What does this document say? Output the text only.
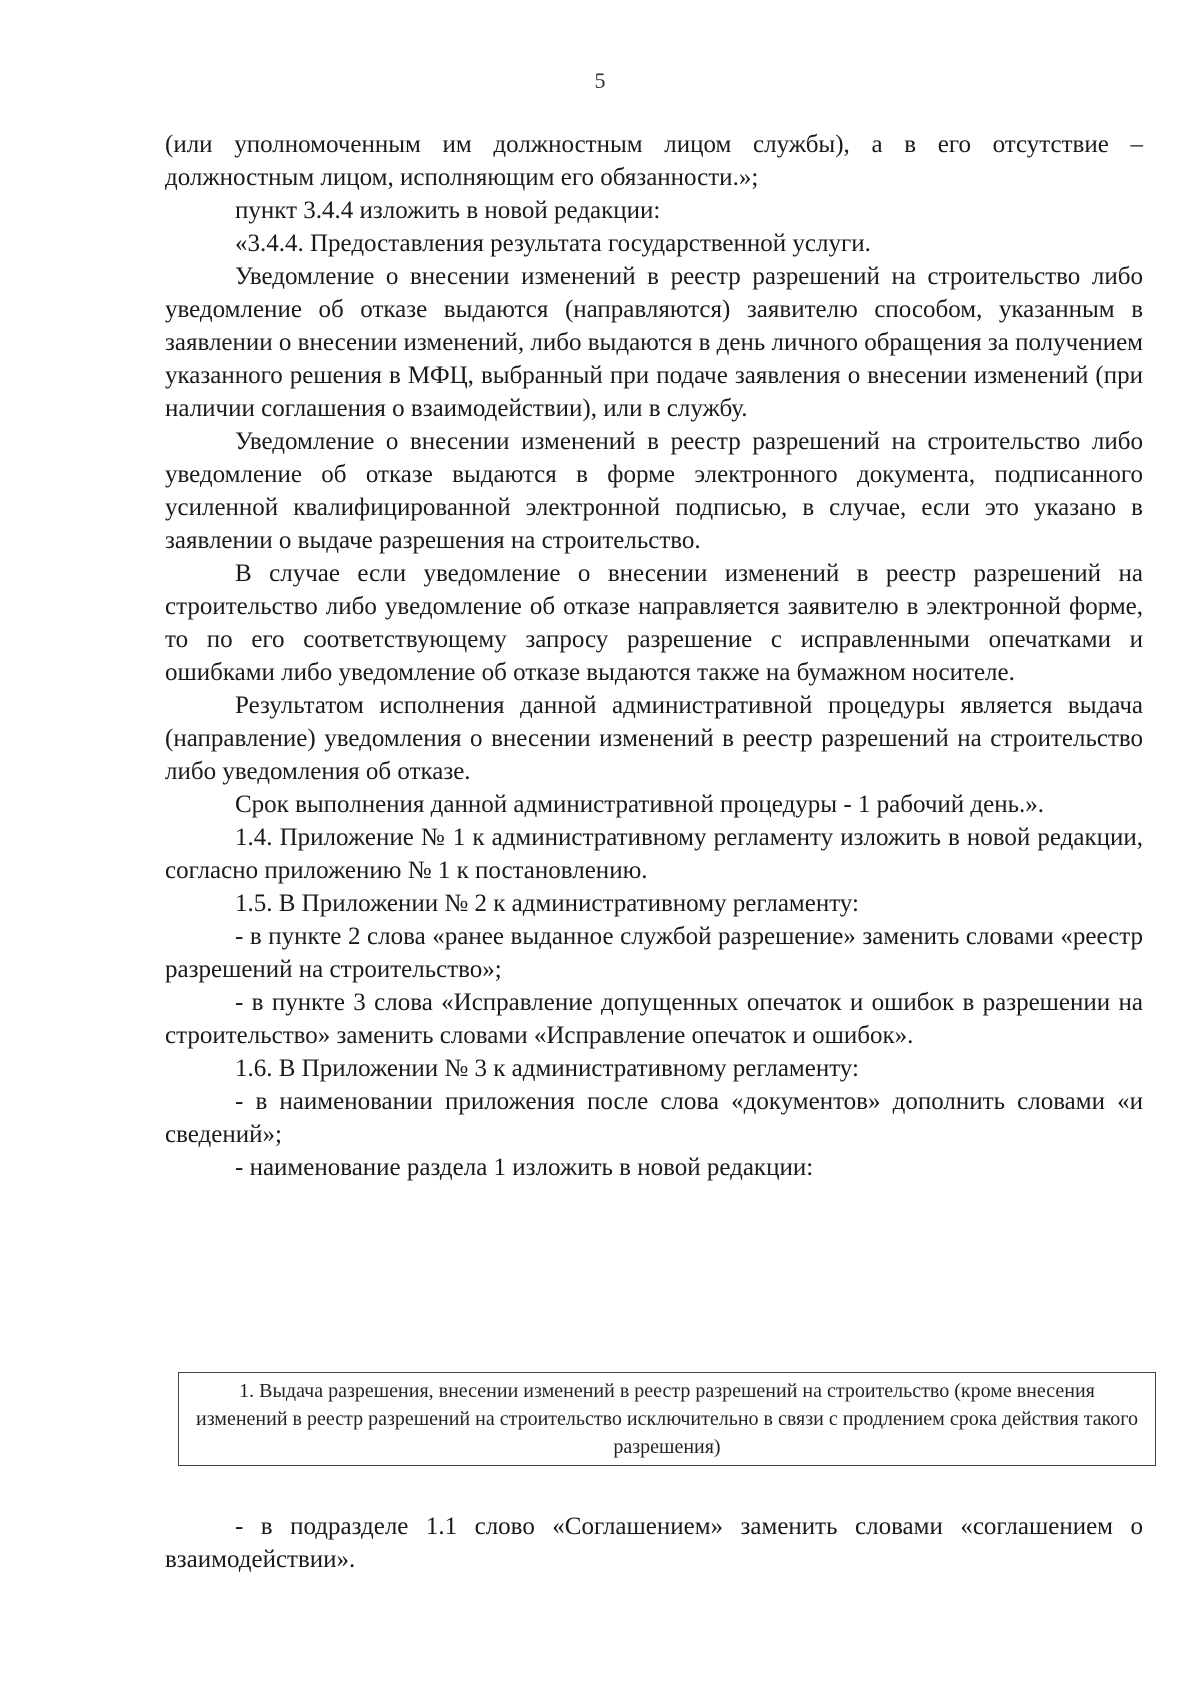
5

(или уполномоченным им должностным лицом службы), а в его отсутствие – должностным лицом, исполняющим его обязанности.»;

пункт 3.4.4 изложить в новой редакции:

«3.4.4. Предоставления результата государственной услуги.

Уведомление о внесении изменений в реестр разрешений на строительство либо уведомление об отказе выдаются (направляются) заявителю способом, указанным в заявлении о внесении изменений, либо выдаются в день личного обращения за получением указанного решения в МФЦ, выбранный при подаче заявления о внесении изменений (при наличии соглашения о взаимодействии), или в службу.

Уведомление о внесении изменений в реестр разрешений на строительство либо уведомление об отказе выдаются в форме электронного документа, подписанного усиленной квалифицированной электронной подписью, в случае, если это указано в заявлении о выдаче разрешения на строительство.

В случае если уведомление о внесении изменений в реестр разрешений на строительство либо уведомление об отказе направляется заявителю в электронной форме, то по его соответствующему запросу разрешение с исправленными опечатками и ошибками либо уведомление об отказе выдаются также на бумажном носителе.

Результатом исполнения данной административной процедуры является выдача (направление) уведомления о внесении изменений в реестр разрешений на строительство либо уведомления об отказе.

Срок выполнения данной административной процедуры - 1 рабочий день.».

1.4. Приложение № 1 к административному регламенту изложить в новой редакции, согласно приложению № 1 к постановлению.

1.5. В Приложении № 2 к административному регламенту:

- в пункте 2 слова «ранее выданное службой разрешение» заменить словами «реестр разрешений на строительство»;

- в пункте 3 слова «Исправление допущенных опечаток и ошибок в разрешении на строительство» заменить словами «Исправление опечаток и ошибок».

1.6. В Приложении № 3 к административному регламенту:

- в наименовании приложения после слова «документов» дополнить словами «и сведений»;

- наименование раздела 1 изложить в новой редакции:

1. Выдача разрешения, внесении изменений в реестр разрешений на строительство (кроме внесения изменений в реестр разрешений на строительство исключительно в связи с продлением срока действия такого разрешения)

- в подразделе 1.1 слово «Соглашением» заменить словами «соглашением о взаимодействии».
